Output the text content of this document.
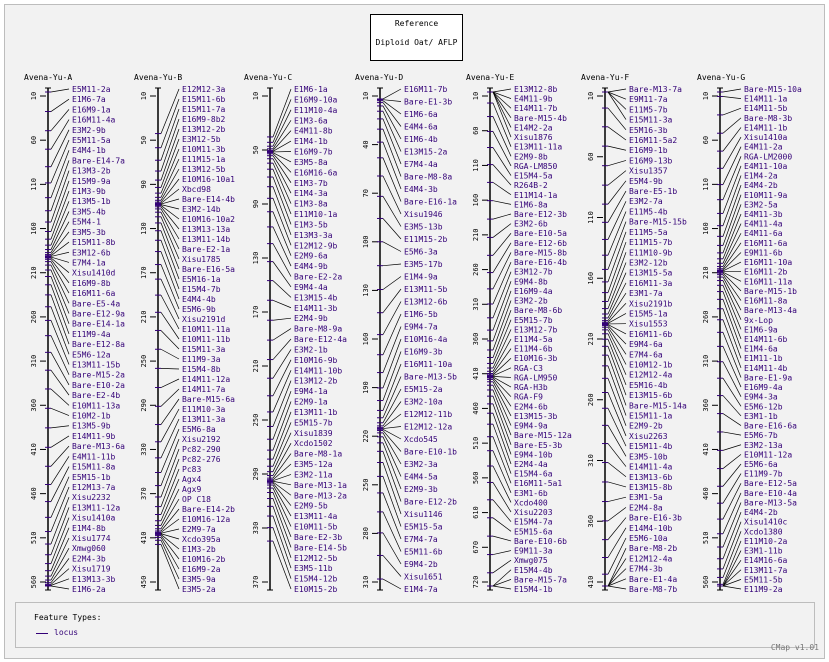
Reference
Diploid Oat/ AFLP
Avena-Yu-A
10
60
110
160
210
260
310
360
410
460
510
560
E5M11-2a
E1M6-7a
E16M9-1a
E16M11-4a
E3M2-9b
E5M11-5a
E4M4-1b
Bare-E14-7a
E13M3-2b
E15M9-9a
E1M3-9b
E13M5-1b
E3M5-4b
E5M4-1
E3M5-3b
E15M11-8b
E3M12-6b
E7M4-1a
Xisu1410d
E16M9-8b
E16M11-6a
Bare-E5-4a
Bare-E12-9a
Bare-E14-1a
E11M9-4a
Bare-E12-8a
E5M6-12a
E13M11-15b
Bare-M15-2a
Bare-E10-2a
Bare-E2-4b
E10M11-13a
E10M2-1b
E13M5-9b
E14M11-9b
Bare-M13-6a
E4M11-11b
E15M11-8a
E5M15-1b
E12M13-7a
Xisu2232
E13M11-12a
Xisu1410a
E1M4-8b
Xisu1774
Xmwg060
E2M4-3b
Xisu1719
E13M13-3b
E1M6-2a
Avena-Yu-B
10
50
90
130
170
210
250
290
330
370
410
450
E12M12-3a
E15M11-6b
E15M11-7a
E16M9-8b2
E13M12-2b
E3M12-5b
E10M11-3b
E11M15-1a
E13M12-5b
E10M16-10a1
Xbcd98
Bare-E14-4b
E3M2-14b
E10M16-10a2
E13M13-13a
E13M11-14b
Bare-E2-1a
Xisu1785
Bare-E16-5a
E5M16-1a
E15M4-7b
E4M4-4b
E5M6-9b
Xisu2191d
E10M11-11a
E10M11-11b
E15M11-3a
E11M9-3a
E15M4-8b
E14M11-12a
E14M11-7a
Bare-M15-6a
E11M10-3a
E13M11-3a
E5M6-8a
Xisu2192
Pc82-290
Pc82-276
Pc83
Agx4
Agx9
OP C18
Bare-E14-2b
E10M16-12a
E2M9-7a
Xcdo395a
E1M3-2b
E10M16-2b
E16M9-2a
E3M5-9a
E3M5-2a
Avena-Yu-C
10
50
90
130
170
210
250
290
330
370
E1M6-1a
E16M9-10a
E11M10-4a
E1M3-6a
E4M11-8b
E1M4-1b
E16M9-7b
E3M5-8a
E16M16-6a
E1M3-7b
E1M4-3a
E1M3-8a
E11M10-1a
E1M3-5b
E13M3-3a
E12M12-9b
E2M9-6a
E4M4-9b
Bare-E2-2a
E9M4-4a
E13M15-4b
E14M11-3b
E2M4-9b
Bare-M8-9a
Bare-E12-4a
E3M2-1b
E10M16-9b
E14M11-10b
E13M12-2b
E9M4-1a
E2M9-1a
E13M11-1b
E5M15-7b
Xisu1839
Xcdo1502
Bare-M8-1a
E3M5-12a
E3M2-11a
Bare-M13-1a
Bare-M13-2a
E2M9-5b
E13M11-4a
E10M11-5b
Bare-E2-3b
Bare-E14-5b
E12M12-5b
E3M5-11b
E15M4-12b
E10M15-2b
Avena-Yu-D
10
40
70
100
130
160
190
220
250
280
310
E16M11-7b
Bare-E1-3b
E1M6-6a
E4M4-6a
E1M6-4b
E13M15-2a
E7M4-4a
Bare-M8-8a
E4M4-3b
Bare-E16-1a
Xisu1946
E3M5-13b
E11M15-2b
E5M6-3a
E3M5-17b
E1M4-9a
E13M11-5b
E13M12-6b
E1M6-5b
E9M4-7a
E10M16-4a
E16M9-3b
E16M11-10a
Bare-M13-5b
E5M15-2a
E3M2-10a
E12M12-11b
E12M12-12a
Xcdo545
Bare-E10-1b
E3M2-3a
E4M4-5a
E2M9-3b
Bare-E12-2b
Xisu1146
E5M15-5a
E7M4-7a
E5M11-6b
E9M4-2b
Xisu1651
E1M4-7a
Avena-Yu-E
10
60
110
160
210
260
310
360
410
460
510
560
610
670
720
E13M12-8b
E4M11-9b
E14M11-7b
Bare-M15-4b
E14M2-2a
Xisu1876
E13M11-11a
E2M9-8b
RGA-LM850
E15M4-5a
R264B-2
E11M14-1a
E1M6-8a
Bare-E12-3b
E3M2-6b
Bare-E10-5a
Bare-E12-6b
Bare-M15-8b
Bare-E16-4b
E3M12-7b
E9M4-8b
E16M9-4a
E3M2-2b
Bare-M8-6b
E5M15-7b
E13M12-7b
E11M4-5a
E11M4-6b
E10M16-3b
RGA-C3
RGA-LM950
RGA-H3b
RGA-F9
E2M4-6b
E13M15-3b
E9M4-9a
Bare-M15-12a
Bare-E5-3b
E9M4-10b
E2M4-4a
E15M4-6a
E16M11-5a1
E3M1-6b
Xcdo400
Xisu2203
E15M4-7a
E5M15-6a
Bare-E10-6b
E9M11-3a
Xmwg075
E15M4-4b
Bare-M15-7a
E15M4-1b
Avena-Yu-F
10
60
110
160
210
260
310
360
410
Bare-M13-7a
E9M11-7a
E11M5-7b
E15M11-3a
E5M16-3b
E16M11-5a2
E16M9-1b
E16M9-13b
Xisu1357
E5M4-9b
Bare-E5-1b
E3M2-7a
E11M5-4b
Bare-M15-15b
E11M5-5a
E11M15-7b
E11M10-9b
E3M2-12b
E13M15-5a
E16M11-3a
E3M1-7a
Xisu2191b
E15M5-1a
Xisu1553
E16M11-6b
E9M4-6a
E7M4-6a
E10M12-1b
E12M12-4a
E5M16-4b
E13M15-6b
Bare-M15-14a
E15M11-1a
E2M9-2b
Xisu2263
E15M11-4b
E3M5-10b
E14M11-4a
E13M13-6b
E13M15-8b
E3M1-5a
E2M4-8a
Bare-E16-3b
E14M4-10b
E5M6-10a
Bare-M8-2b
E12M12-4a
E7M4-3b
Bare-E1-4a
Bare-M8-7b
Avena-Yu-G
10
60
110
160
210
260
310
360
410
460
510
560
Bare-M15-10a
E14M11-1a
E14M11-5b
Bare-M8-3b
E14M11-1b
Xisu1410a
E4M11-2a
RGA-LM2000
E4M11-10a
E1M4-2a
E4M4-2b
E10M11-9a
E3M2-5a
E4M11-3b
E4M11-4a
E4M11-6a
E16M11-6a
E9M11-6b
E16M11-10a
E16M11-2b
E16M11-11a
Bare-M15-1b
E16M11-8a
Bare-M13-4a
9x-Lop
E1M6-9a
E14M11-6b
E1M4-6a
E1M11-1b
E14M11-4b
Bare-E1-9a
E16M9-4a
E9M4-3a
E5M6-12b
E3M1-1b
Bare-E16-6a
E5M6-7b
E3M2-13a
E10M11-12a
E5M6-6a
E11M9-7b
Bare-E12-5a
Bare-E10-4a
Bare-M13-5a
E4M4-2b
Xisu1410c
Xcdo1380
E11M10-2a
E3M1-11b
E14M16-6a
E13M11-7a
E5M11-5b
E11M9-2a
Feature Types:
locus
CMap v1.01
